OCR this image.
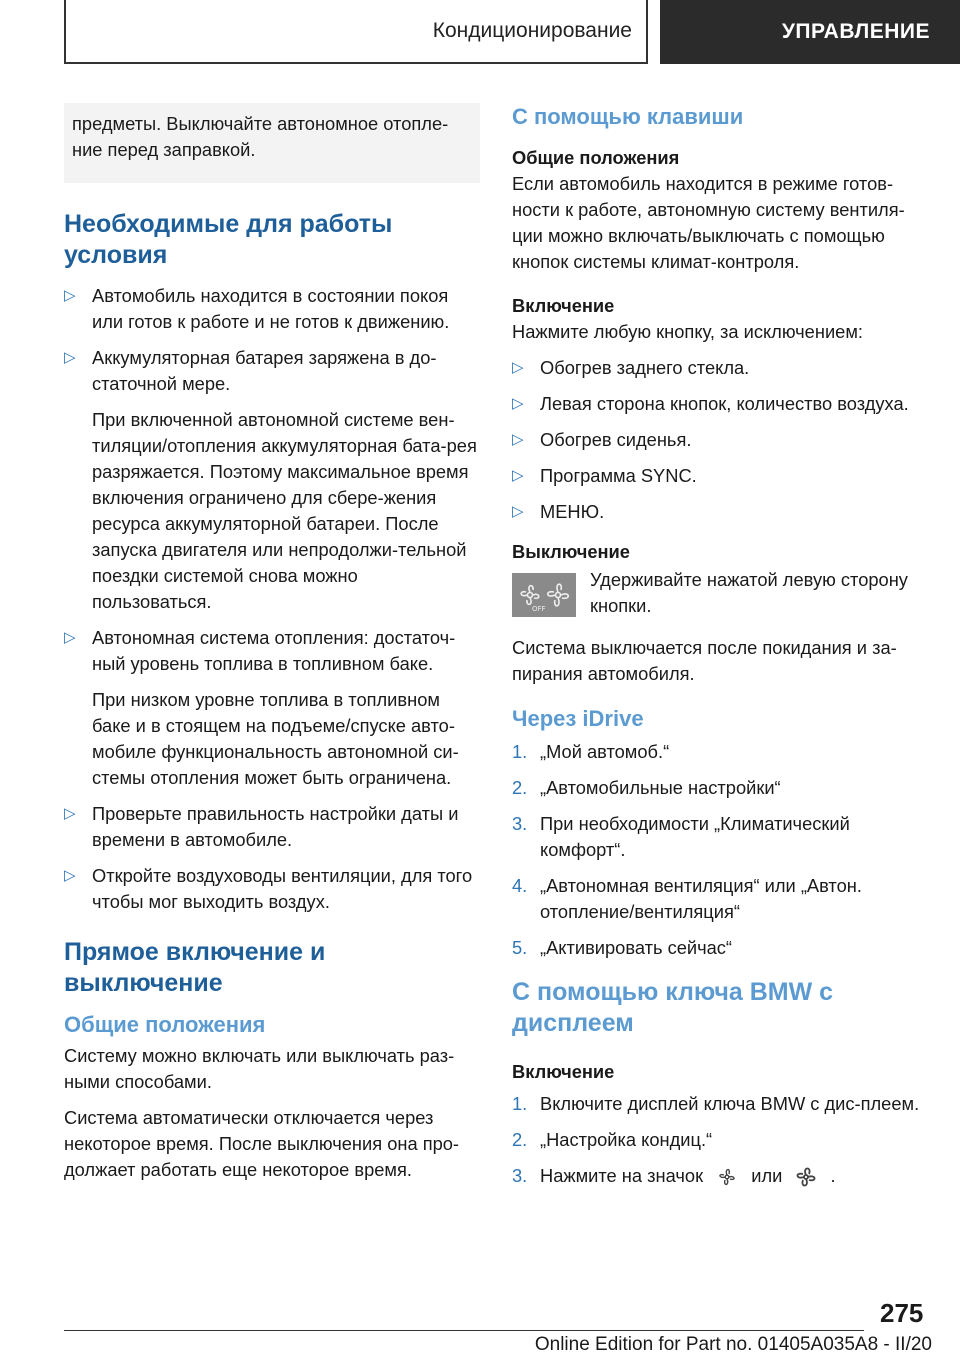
Кондиционирование	УПРАВЛЕНИЕ

предметы. Выключайте автономное отопле-ние перед заправкой.

Необходимые для работы условия
▷ Автомобиль находится в состоянии покоя или готов к работе и не готов к движению.

▷ Аккумуляторная батарея заряжена в до-статочной мере.

При включенной автономной системе вен-тиляции/отопления аккумуляторная бата-рея разряжается. Поэтому максимальное время включения ограничено для сбере-жения ресурса аккумуляторной батареи. После запуска двигателя или непродолжи-тельной поездки системой снова можно пользоваться.

▷ Автономная система отопления: достаточ-ный уровень топлива в топливном баке.

При низком уровне топлива в топливном баке и в стоящем на подъеме/спуске авто-мобиле функциональность автономной си-стемы отопления может быть ограничена.

▷ Проверьте правильность настройки даты и времени в автомобиле.

▷ Откройте воздуховоды вентиляции, для того чтобы мог выходить воздух.

Прямое включение и выключение
Общие положения

Систему можно включать или выключать раз-ными способами.

Система автоматически отключается через некоторое время. После выключения она про-должает работать еще некоторое время.

С помощью клавиши
Общие положения

Если автомобиль находится в режиме готов-ности к работе, автономную систему вентиля-ции можно включать/выключать с помощью кнопок системы климат-контроля.

Включение

Нажмите любую кнопку, за исключением:

▷ Обогрев заднего стекла.

▷ Левая сторона кнопок, количество воздуха.

▷ Обогрев сиденья.

▷ Программа SYNC.

▷ МЕНЮ.

Выключение
OFF

Удерживайте нажатой левую сторону кнопки.

Система выключается после покидания и за-пирания автомобиля.

Через iDrive
1. „Мой автомоб.“

2. „Автомобильные настройки“

3. При необходимости „Климатический комфорт“.

4. „Автономная вентиляция“ или „Автон. отопление/вентиляция“

5. „Активировать сейчас“

С помощью ключа BMW с дисплеем
Включение
1. Включите дисплей ключа BMW с дис-плеем.

2. „Настройка кондиц.“

3. Нажмите на значок	или	.

275
Online Edition for Part no. 01405A035A8 - II/20
